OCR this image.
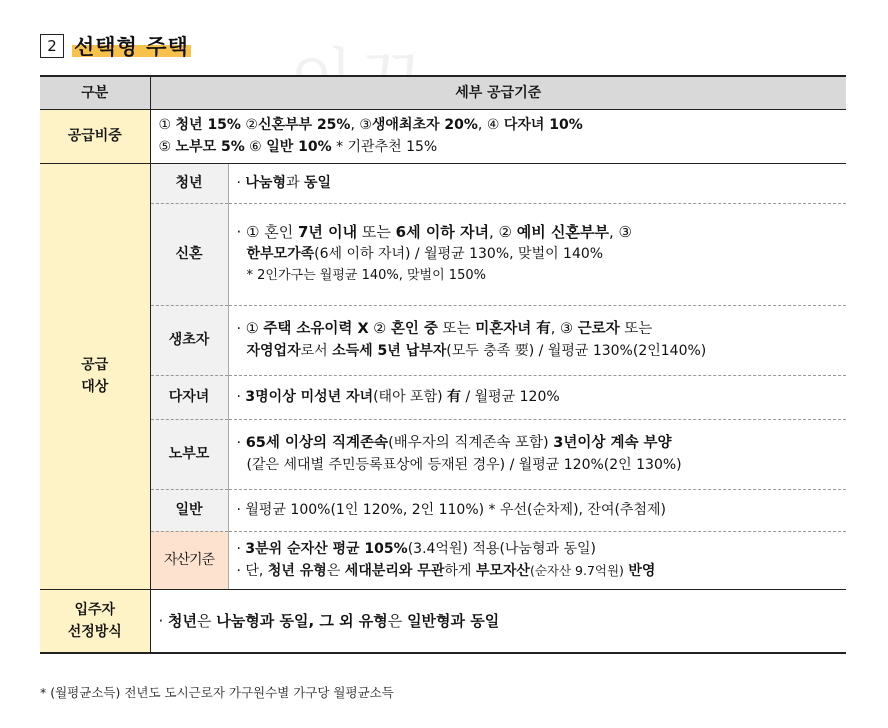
2 선택형 주택
구분	세부 공급기준	
공급비중	① 청년 15% ②신혼부부 25%, ③생애최초자 20%, ④ 다자녀 10%
⑤ 노부모 5% ⑥ 일반 10% * 기관추천 15%	

공급
대상	청년	· 나눔형과 동일

	신혼	· ① 혼인 7년 이내 또는 6세 이하 자녀, ② 예비 신혼부부, ③
한부모가족(6세 이하 자녀) / 월평균 130%, 맞벌이 140%
* 2인가구는 월평균 140%, 맞벌이 150%

	생초자	· ① 주택 소유이력 X ② 혼인 중 또는 미혼자녀 有, ③ 근로자 또는
자영업자로서 소득세 5년 납부자(모두 충족 要) / 월평균 130%(2인140%)

	다자녀	· 3명이상 미성년 자녀(태아 포함) 有 / 월평균 120%

	노부모	· 65세 이상의 직계존속(배우자의 직계존속 포함) 3년이상 계속 부양
(같은 세대별 주민등록표상에 등재된 경우) / 월평균 120%(2인 130%)

	일반	· 월평균 100%(1인 120%, 2인 110%) * 우선(순차제), 잔여(추첨제)

	자산기준	· 3분위 순자산 평균 105%(3.4억원) 적용(나눔형과 동일)
· 단, 청년 유형은 세대분리와 무관하게 부모자산(순자산 9.7억원) 반영

입주자
선정방식	· 청년은 나눔형과 동일, 그 외 유형은 일반형과 동일	
* (월평균소득) 전년도 도시근로자 가구원수별 가구당 월평균소득
